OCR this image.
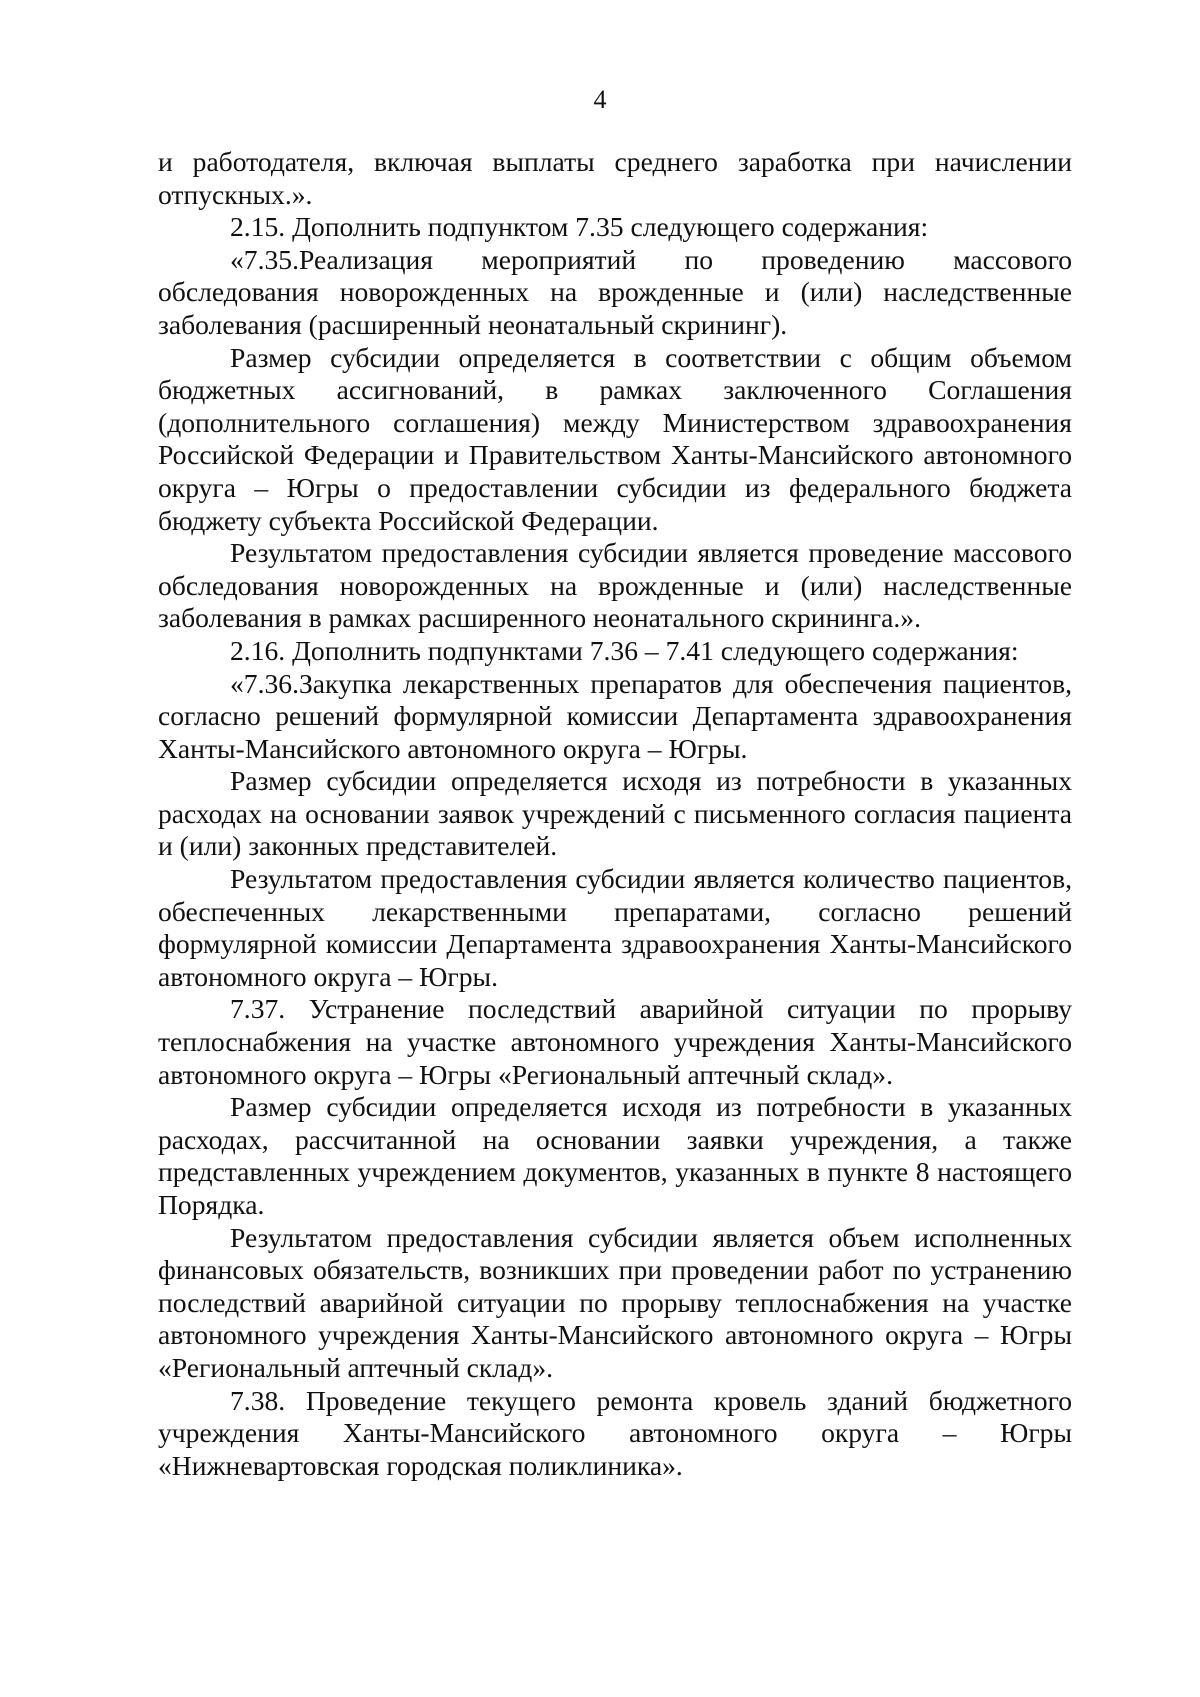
4

и работодателя, включая выплаты среднего заработка при начислении отпускных.».

2.15. Дополнить подпунктом 7.35 следующего содержания:

«7.35.Реализация мероприятий по проведению массового обследования новорожденных на врожденные и (или) наследственные заболевания (расширенный неонатальный скрининг).

Размер субсидии определяется в соответствии с общим объемом бюджетных ассигнований, в рамках заключенного Соглашения (дополнительного соглашения) между Министерством здравоохранения Российской Федерации и Правительством Ханты-Мансийского автономного округа – Югры о предоставлении субсидии из федерального бюджета бюджету субъекта Российской Федерации.

Результатом предоставления субсидии является проведение массового обследования новорожденных на врожденные и (или) наследственные заболевания в рамках расширенного неонатального скрининга.».

2.16. Дополнить подпунктами 7.36 – 7.41 следующего содержания:

«7.36.Закупка лекарственных препаратов для обеспечения пациентов, согласно решений формулярной комиссии Департамента здравоохранения Ханты-Мансийского автономного округа – Югры.

Размер субсидии определяется исходя из потребности в указанных расходах на основании заявок учреждений с письменного согласия пациента и (или) законных представителей.

Результатом предоставления субсидии является количество пациентов, обеспеченных лекарственными препаратами, согласно решений формулярной комиссии Департамента здравоохранения Ханты-Мансийского автономного округа – Югры.

7.37. Устранение последствий аварийной ситуации по прорыву теплоснабжения на участке автономного учреждения Ханты-Мансийского автономного округа – Югры «Региональный аптечный склад».

Размер субсидии определяется исходя из потребности в указанных расходах, рассчитанной на основании заявки учреждения, а также представленных учреждением документов, указанных в пункте 8 настоящего Порядка.

Результатом предоставления субсидии является объем исполненных финансовых обязательств, возникших при проведении работ по устранению последствий аварийной ситуации по прорыву теплоснабжения на участке автономного учреждения Ханты-Мансийского автономного округа – Югры «Региональный аптечный склад».

7.38. Проведение текущего ремонта кровель зданий бюджетного учреждения Ханты-Мансийского автономного округа – Югры «Нижневартовская городская поликлиника».
